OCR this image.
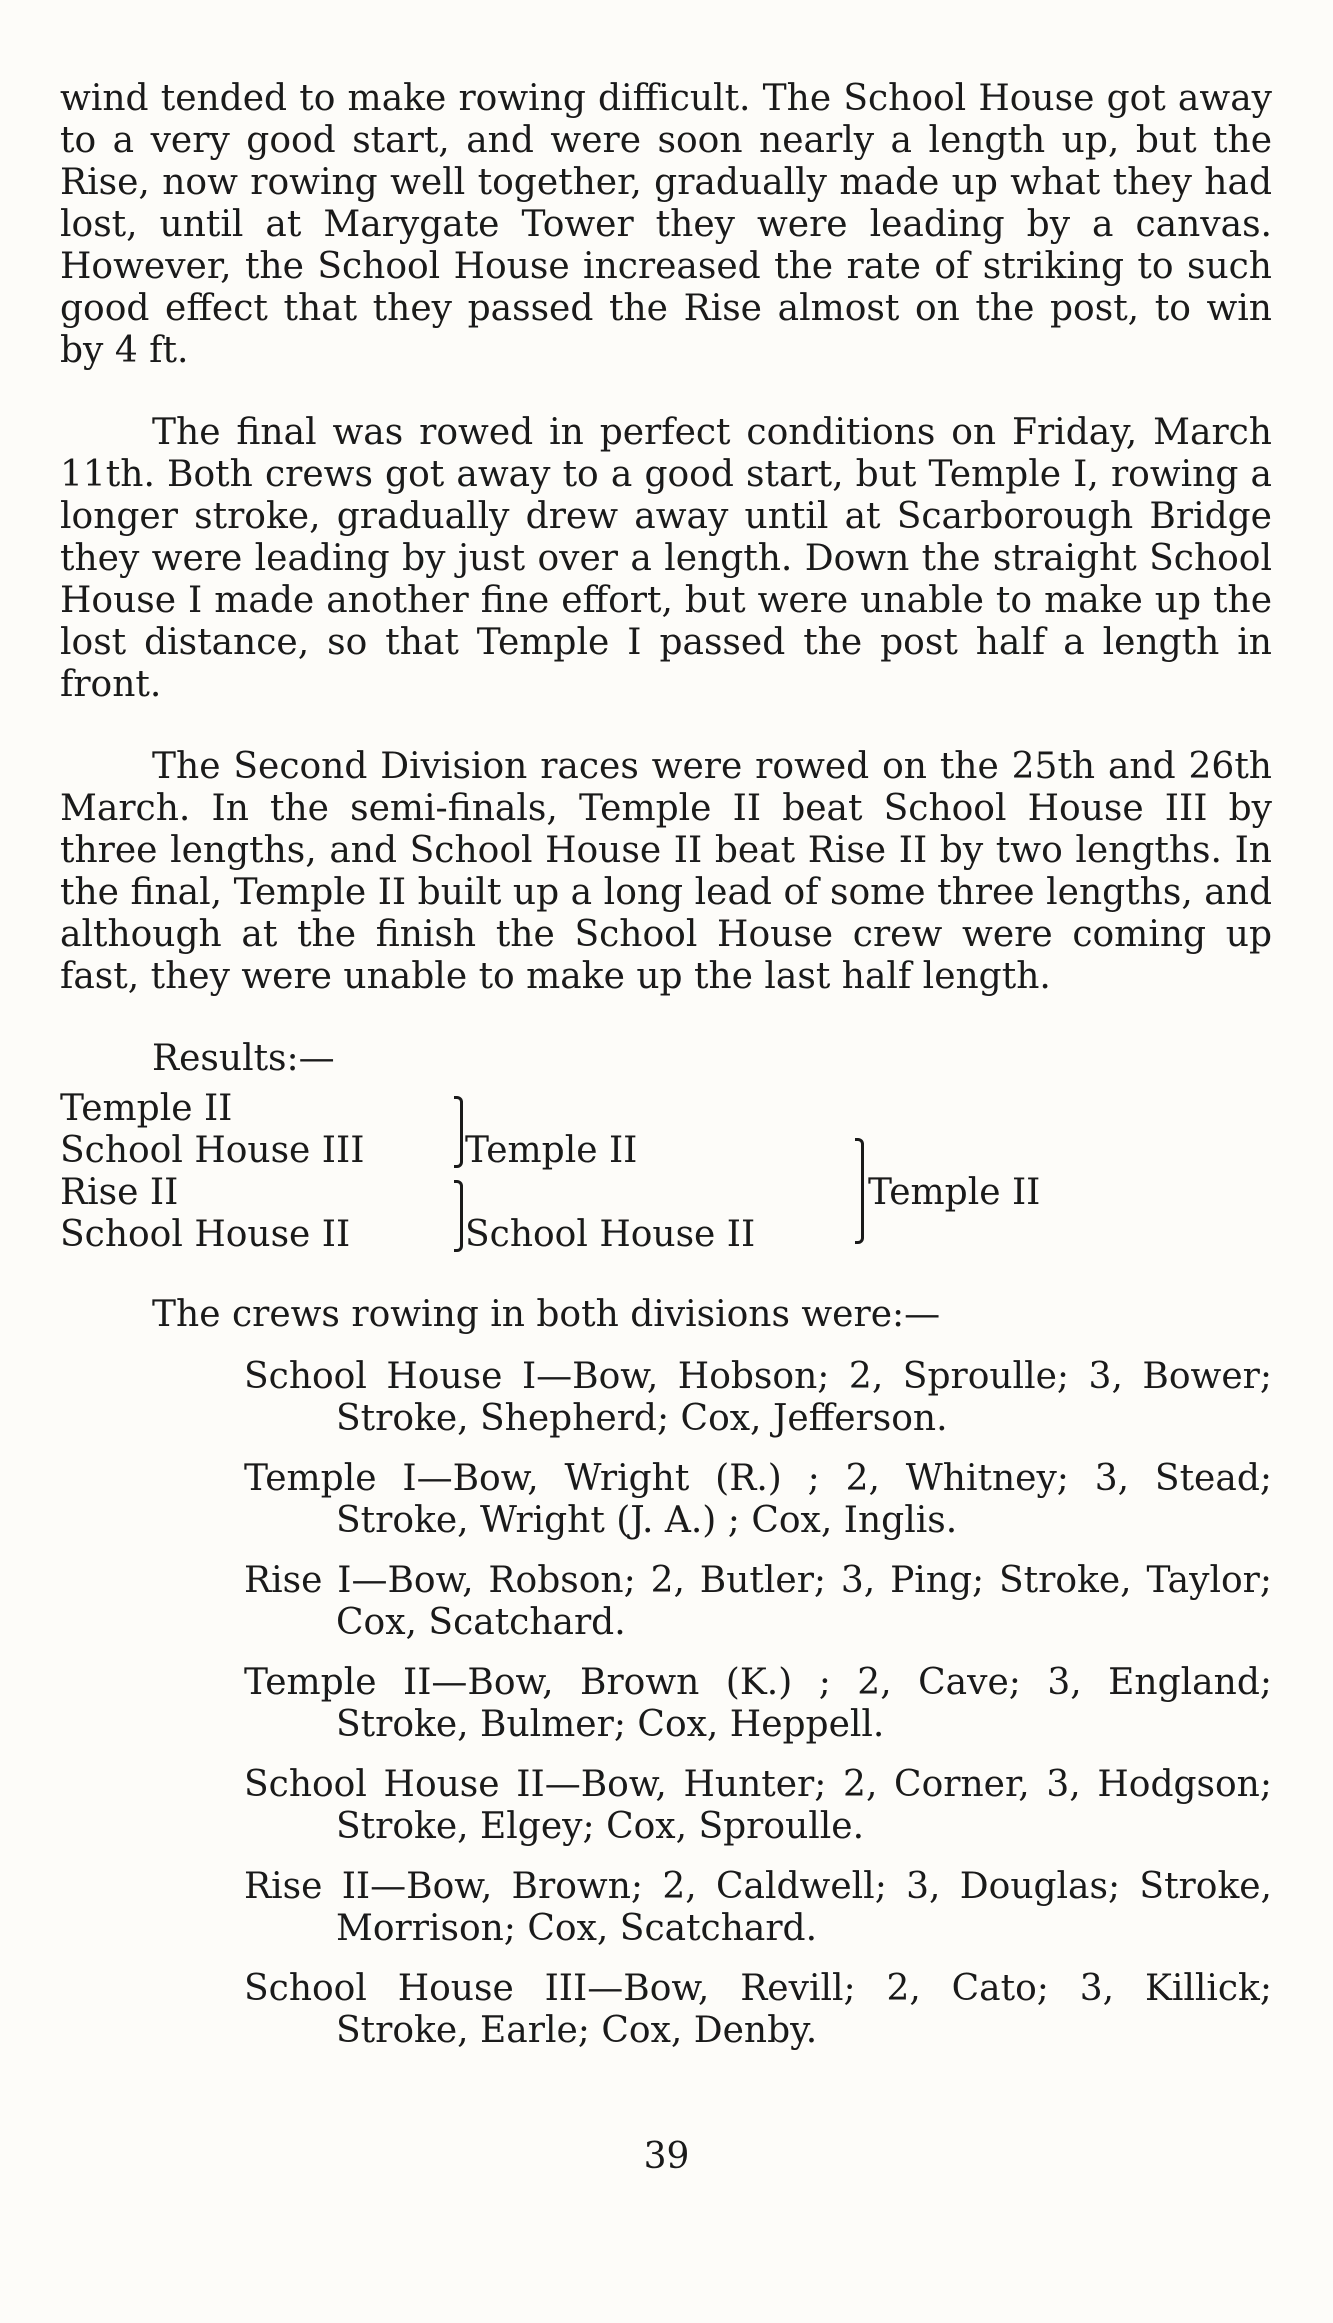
wind tended to make rowing difficult. The School House got away to a very good start, and were soon nearly a length up, but the Rise, now rowing well together, gradually made up what they had lost, until at Marygate Tower they were leading by a canvas. However, the School House increased the rate of striking to such good effect that they passed the Rise almost on the post, to win by 4 ft.

The final was rowed in perfect conditions on Friday, March 11th. Both crews got away to a good start, but Temple I, rowing a longer stroke, gradually drew away until at Scarborough Bridge they were leading by just over a length. Down the straight School House I made another fine effort, but were unable to make up the lost distance, so that Temple I passed the post half a length in front.

The Second Division races were rowed on the 25th and 26th March. In the semi-finals, Temple II beat School House III by three lengths, and School House II beat Rise II by two lengths. In the final, Temple II built up a long lead of some three lengths, and although at the finish the School House crew were coming up fast, they were unable to make up the last half length.

Results:—
Temple II
School House III
Rise II
School House II
Temple II
School House II
Temple II
The crews rowing in both divisions were:—
School House I—Bow, Hobson; 2, Sproulle; 3, Bower; Stroke, Shepherd; Cox, Jefferson.
Temple I—Bow, Wright (R.) ; 2, Whitney; 3, Stead; Stroke, Wright (J. A.) ; Cox, Inglis.
Rise I—Bow, Robson; 2, Butler; 3, Ping; Stroke, Taylor; Cox, Scatchard.
Temple II—Bow, Brown (K.) ; 2, Cave; 3, England; Stroke, Bulmer; Cox, Heppell.
School House II—Bow, Hunter; 2, Corner, 3, Hodgson; Stroke, Elgey; Cox, Sproulle.
Rise II—Bow, Brown; 2, Caldwell; 3, Douglas; Stroke, Morrison; Cox, Scatchard.
School House III—Bow, Revill; 2, Cato; 3, Killick; Stroke, Earle; Cox, Denby.
39
